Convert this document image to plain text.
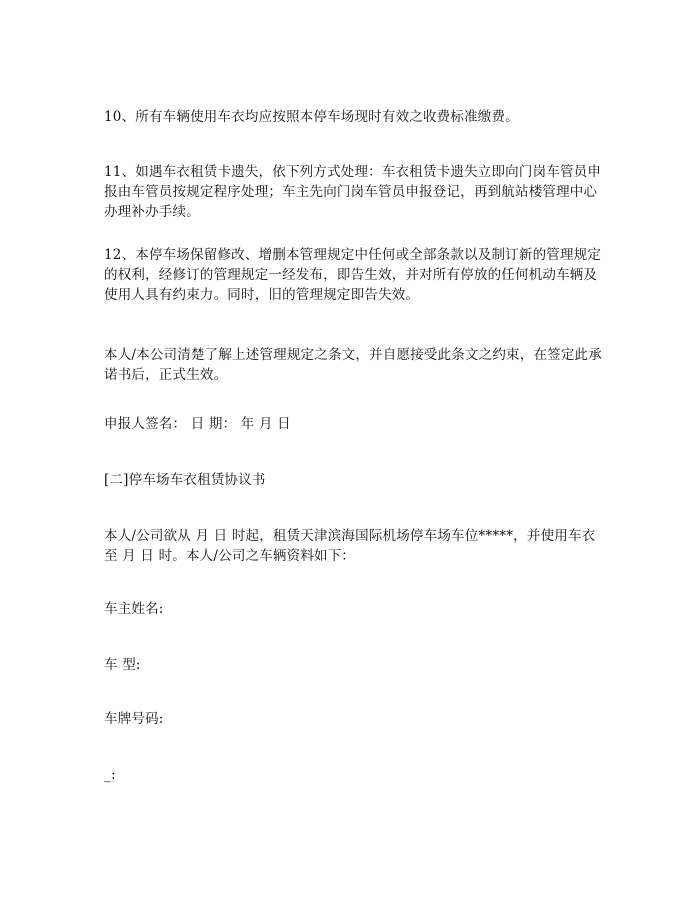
10、所有车辆使用车衣均应按照本停车场现时有效之收费标准缴费。

11、如遇车衣租赁卡遗失，依下列方式处理：车衣租赁卡遗失立即向门岗车管员申报由车管员按规定程序处理；车主先向门岗车管员申报登记，再到航站楼管理中心办理补办手续。

12、本停车场保留修改、增删本管理规定中任何或全部条款以及制订新的管理规定的权利，经修订的管理规定一经发布，即告生效，并对所有停放的任何机动车辆及使用人具有约束力。同时，旧的管理规定即告失效。

本人/本公司清楚了解上述管理规定之条文，并自愿接受此条文之约束，在签定此承诺书后，正式生效。

申报人签名： 日 期： 年 月 日

[二]停车场车衣租赁协议书

本人/公司欲从 月 日 时起，租赁天津滨海国际机场停车场车位*****，并使用车衣至 月 日 时。本人/公司之车辆资料如下：

车主姓名:

车 型:

车牌号码:

_:
